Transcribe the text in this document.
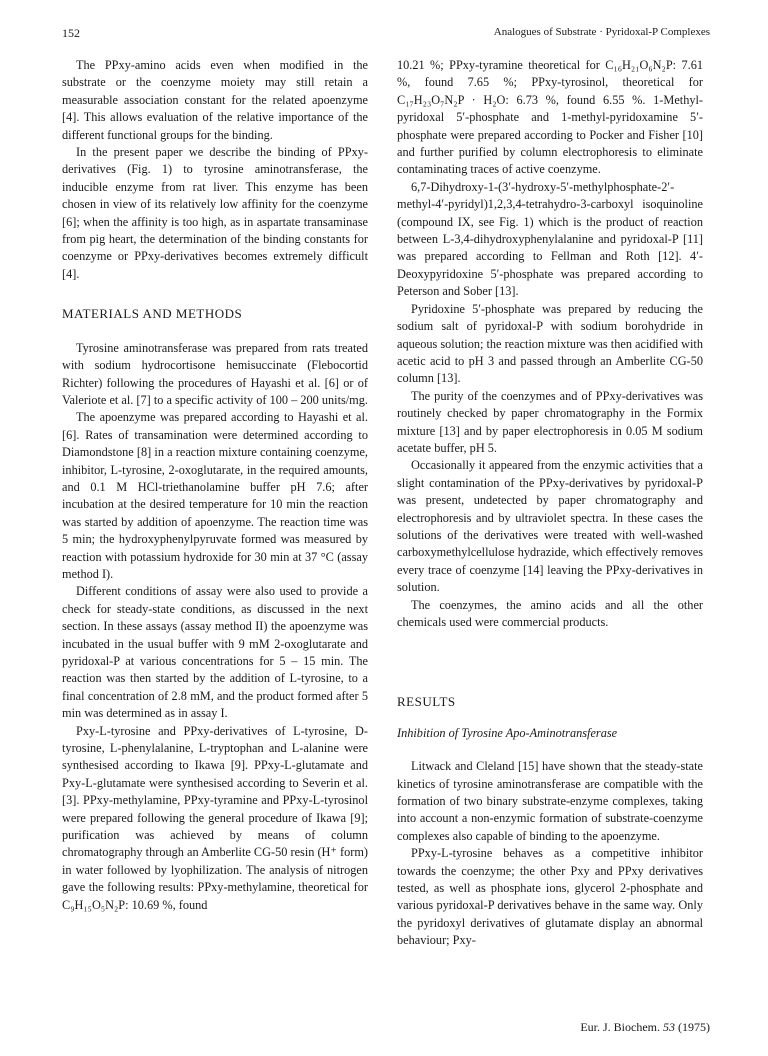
152	Analogues of Substrate · Pyridoxal-P Complexes

The PPxy-amino acids even when modified in the substrate or the coenzyme moiety may still retain a measurable association constant for the related apoenzyme [4]. This allows evaluation of the relative importance of the different functional groups for the binding.

In the present paper we describe the binding of PPxy-derivatives (Fig. 1) to tyrosine aminotransferase, the inducible enzyme from rat liver. This enzyme has been chosen in view of its relatively low affinity for the coenzyme [6]; when the affinity is too high, as in aspartate transaminase from pig heart, the determination of the binding constants for coenzyme or PPxy-derivatives becomes extremely difficult [4].

MATERIALS AND METHODS

Tyrosine aminotransferase was prepared from rats treated with sodium hydrocortisone hemisuccinate (Flebocortid Richter) following the procedures of Hayashi et al. [6] or of Valeriote et al. [7] to a specific activity of 100 – 200 units/mg.

The apoenzyme was prepared according to Hayashi et al. [6]. Rates of transamination were determined according to Diamondstone [8] in a reaction mixture containing coenzyme, inhibitor, L-tyrosine, 2-oxoglutarate, in the required amounts, and 0.1 M HCl-triethanolamine buffer pH 7.6; after incubation at the desired temperature for 10 min the reaction was started by addition of apoenzyme. The reaction time was 5 min; the hydroxyphenylpyruvate formed was measured by reaction with potassium hydroxide for 30 min at 37 °C (assay method I).

Different conditions of assay were also used to provide a check for steady-state conditions, as discussed in the next section. In these assays (assay method II) the apoenzyme was incubated in the usual buffer with 9 mM 2-oxoglutarate and pyridoxal-P at various concentrations for 5 – 15 min. The reaction was then started by the addition of L-tyrosine, to a final concentration of 2.8 mM, and the product formed after 5 min was determined as in assay I.

Pxy-L-tyrosine and PPxy-derivatives of L-tyrosine, D-tyrosine, L-phenylalanine, L-tryptophan and L-alanine were synthesised according to Ikawa [9]. PPxy-L-glutamate and Pxy-L-glutamate were synthesised according to Severin et al. [3]. PPxy-methylamine, PPxy-tyramine and PPxy-L-tyrosinol were prepared following the general procedure of Ikawa [9]; purification was achieved by means of column chromatography through an Amberlite CG-50 resin (H⁺ form) in water followed by lyophilization. The analysis of nitrogen gave the following results: PPxy-methylamine, theoretical for C₉H₁₅O₅N₂P: 10.69 %, found

10.21 %; PPxy-tyramine theoretical for C₁₆H₂₁O₆N₂P: 7.61 %, found 7.65 %; PPxy-tyrosinol, theoretical for C₁₇H₂₃O₇N₂P · H₂O: 6.73 %, found 6.55 %. 1-Methyl-pyridoxal 5′-phosphate and 1-methyl-pyridoxamine 5′-phosphate were prepared according to Pocker and Fisher [10] and further purified by column electrophoresis to eliminate contaminating traces of active coenzyme.

6,7-Dihydroxy-1-(3′-hydroxy-5′-methylphosphate-2′-methyl-4′-pyridyl)1,2,3,4-tetrahydro-3-carboxyl isoquinoline (compound IX, see Fig. 1) which is the product of reaction between L-3,4-dihydroxyphenylalanine and pyridoxal-P [11] was prepared according to Fellman and Roth [12]. 4′-Deoxypyridoxine 5′-phosphate was prepared according to Peterson and Sober [13].

Pyridoxine 5′-phosphate was prepared by reducing the sodium salt of pyridoxal-P with sodium borohydride in aqueous solution; the reaction mixture was then acidified with acetic acid to pH 3 and passed through an Amberlite CG-50 column [13].

The purity of the coenzymes and of PPxy-derivatives was routinely checked by paper chromatography in the Formix mixture [13] and by paper electrophoresis in 0.05 M sodium acetate buffer, pH 5.

Occasionally it appeared from the enzymic activities that a slight contamination of the PPxy-derivatives by pyridoxal-P was present, undetected by paper chromatography and electrophoresis and by ultraviolet spectra. In these cases the solutions of the derivatives were treated with well-washed carboxymethylcellulose hydrazide, which effectively removes every trace of coenzyme [14] leaving the PPxy-derivatives in solution.

The coenzymes, the amino acids and all the other chemicals used were commercial products.

RESULTS
Inhibition of Tyrosine Apo-Aminotransferase

Litwack and Cleland [15] have shown that the steady-state kinetics of tyrosine aminotransferase are compatible with the formation of two binary substrate-enzyme complexes, taking into account a non-enzymic formation of substrate-coenzyme complexes also capable of binding to the apoenzyme.

PPxy-L-tyrosine behaves as a competitive inhibitor towards the coenzyme; the other Pxy and PPxy derivatives tested, as well as phosphate ions, glycerol 2-phosphate and various pyridoxal-P derivatives behave in the same way. Only the pyridoxyl derivatives of glutamate display an abnormal behaviour; Pxy-

Eur. J. Biochem. 53 (1975)
